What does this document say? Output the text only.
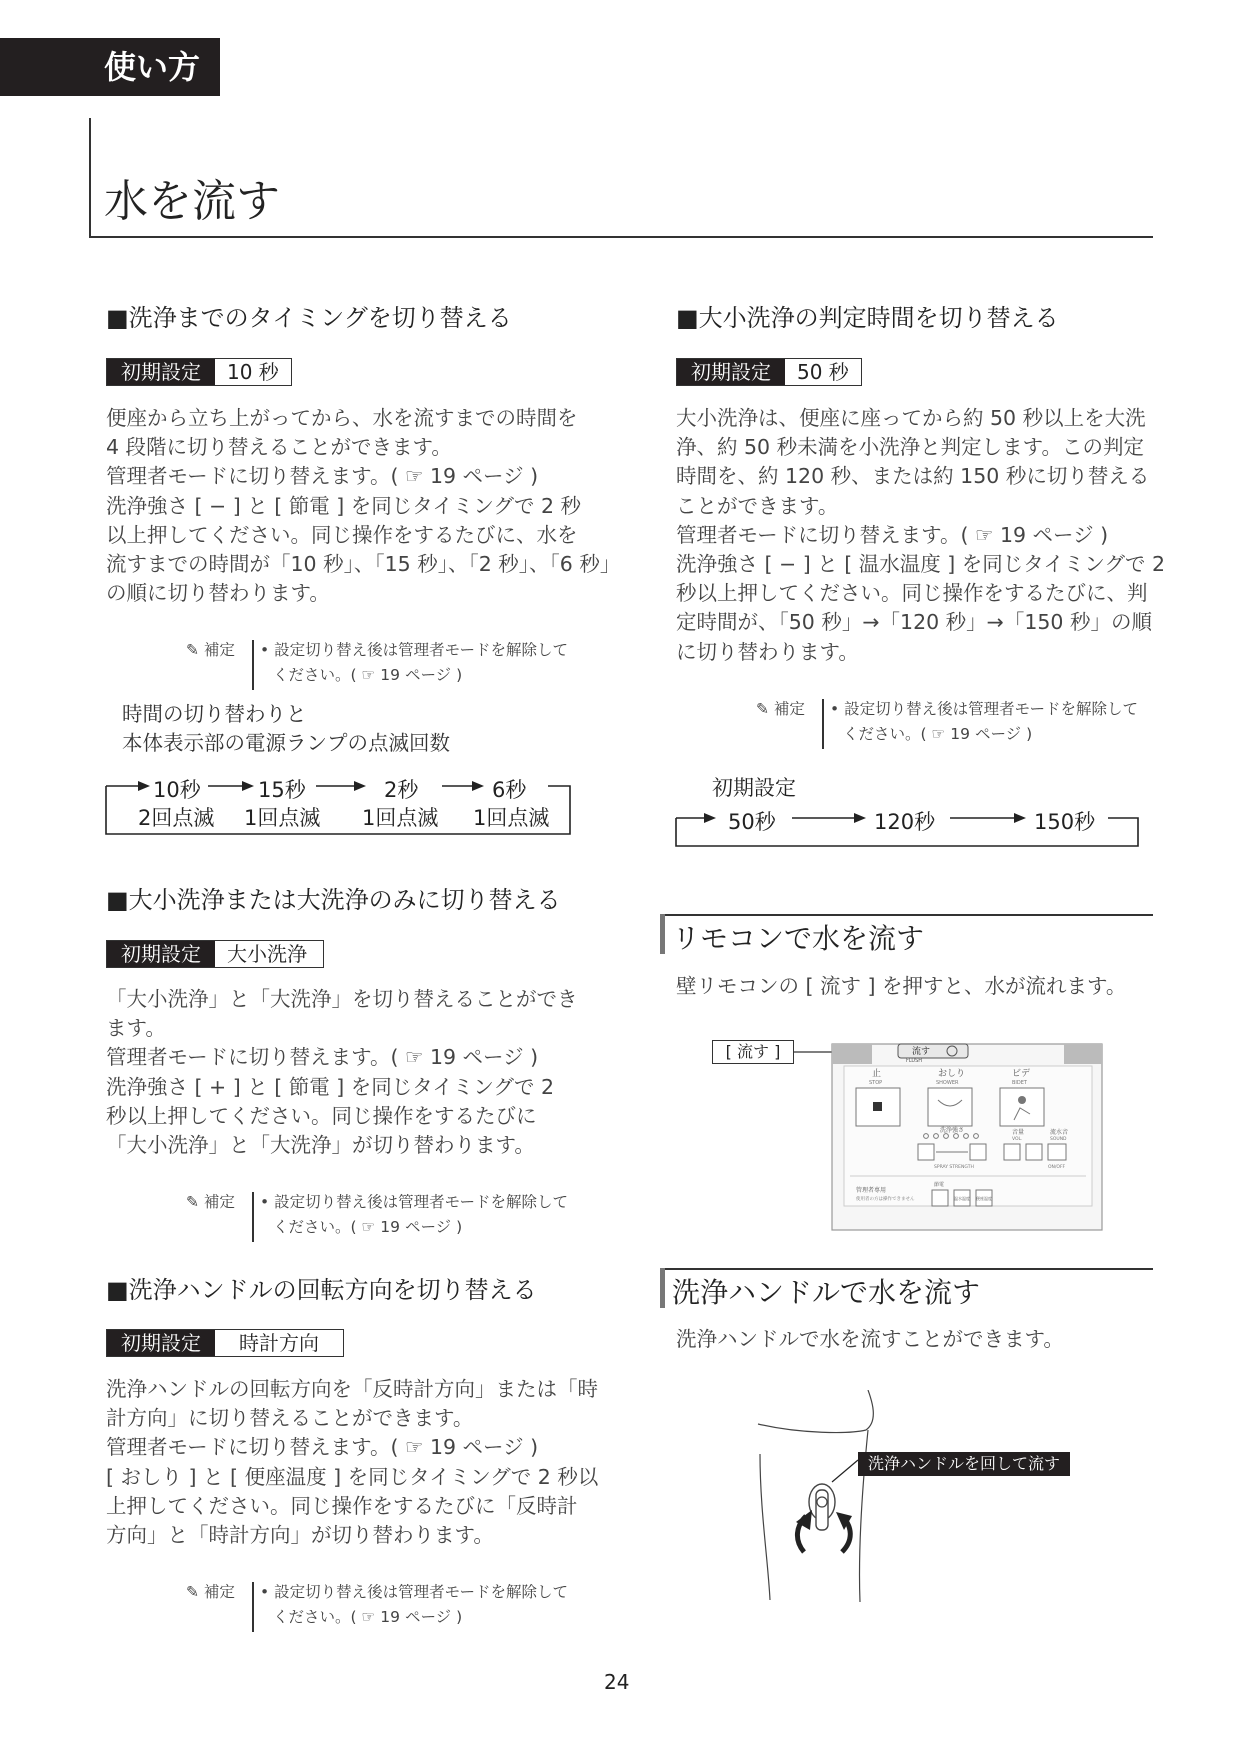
使い方
水を流す
■洗浄までのタイミングを切り替える
初期設定	10 秒

便座から立ち上がってから、水を流すまでの時間を

4 段階に切り替えることができます。

管理者モードに切り替えます。( ☞ 19 ページ )

洗浄強さ [ − ] と [ 節電 ] を同じタイミングで 2 秒

以上押してください。同じ操作をするたびに、水を

流すまでの時間が「10 秒」、「15 秒」、「2 秒」、「6 秒」

の順に切り替わります。

✎ 補定	• 設定切り替え後は管理者モードを解除して

ください。( ☞ 19 ページ )

時間の切り替わりと

本体表示部の電源ランプの点滅回数

10秒	15秒	2秒	6秒
2回点滅 1回点滅 1回点滅 1回点滅
■大小洗浄または大洗浄のみに切り替える
初期設定	大小洗浄

「大小洗浄」と「大洗浄」を切り替えることができ

ます。

管理者モードに切り替えます。( ☞ 19 ページ )

洗浄強さ [ + ] と [ 節電 ] を同じタイミングで 2

秒以上押してください。同じ操作をするたびに

「大小洗浄」と「大洗浄」が切り替わります。

✎ 補定	• 設定切り替え後は管理者モードを解除して

ください。( ☞ 19 ページ )

■洗浄ハンドルの回転方向を切り替える
初期設定	時計方向

洗浄ハンドルの回転方向を「反時計方向」または「時

計方向」に切り替えることができます。

管理者モードに切り替えます。( ☞ 19 ページ )

[ おしり ] と [ 便座温度 ] を同じタイミングで 2 秒以

上押してください。同じ操作をするたびに「反時計

方向」と「時計方向」が切り替わります。

✎ 補定	• 設定切り替え後は管理者モードを解除して

ください。( ☞ 19 ページ )

■大小洗浄の判定時間を切り替える
初期設定	50 秒

大小洗浄は、便座に座ってから約 50 秒以上を大洗

浄、約 50 秒未満を小洗浄と判定します。この判定

時間を、約 120 秒、または約 150 秒に切り替える

ことができます。

管理者モードに切り替えます。( ☞ 19 ページ )

洗浄強さ [ − ] と [ 温水温度 ] を同じタイミングで 2

秒以上押してください。同じ操作をするたびに、判

定時間が、「50 秒」→「120 秒」→「150 秒」の順

に切り替わります。

✎ 補定	• 設定切り替え後は管理者モードを解除して

ください。( ☞ 19 ページ )

初期設定
50秒	120秒	150秒
リモコンで水を流す
壁リモコンの [ 流す ] を押すと、水が流れます。
[ 流す ]	流す
FLUSH
止
STOP
おしり
SHOWER
ビデ
BIDET
洗浄強さ
SPRAY STRENGTH
音量
VOL.
流水音
SOUND
ON/OFF
管理者専用
使用者の方は操作できません
節電
温水温度 便座温度
洗浄ハンドルで水を流す
洗浄ハンドルで水を流すことができます。
洗浄ハンドルを回して流す
24
